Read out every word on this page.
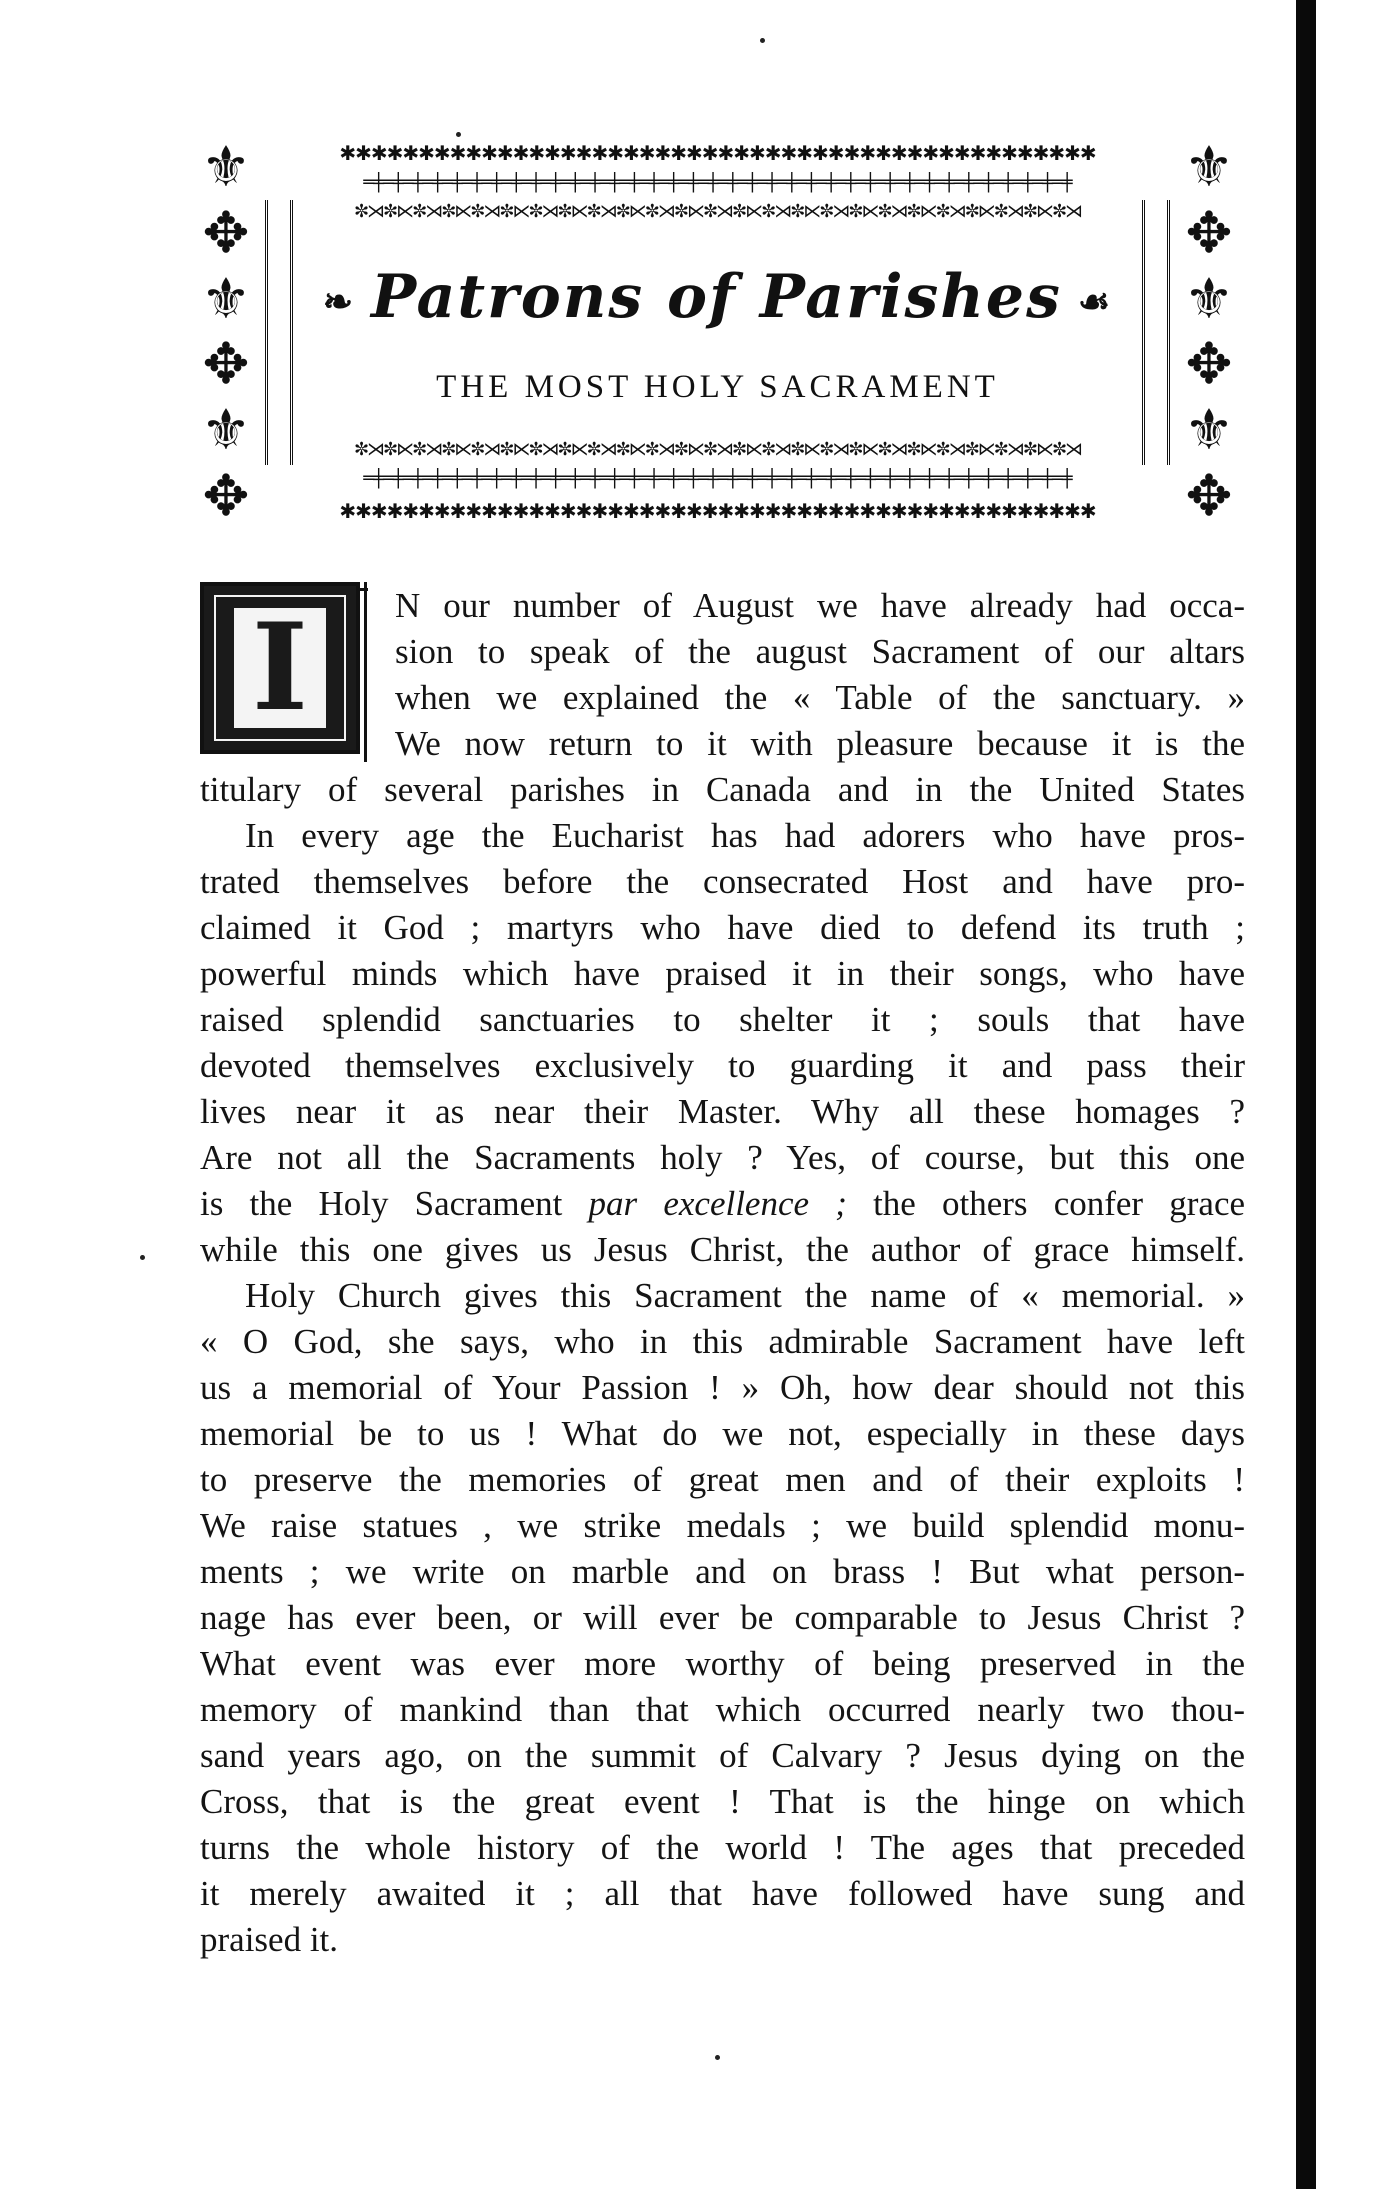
⚜
✥
⚜
✥
⚜
✥
⚜
✥
⚜
✥
⚜
✥
✱✱✱✱✱✱✱✱✱✱✱✱✱✱✱✱✱✱✱✱✱✱✱✱✱✱✱✱✱✱✱✱✱✱✱✱✱✱✱✱✱✱✱✱✱✱✱✱
═╪═╪═╪═╪═╪═╪═╪═╪═╪═╪═╪═╪═╪═╪═╪═╪═╪═╪═╪═╪═╪═╪═╪═╪═╪═╪═╪═╪═╪═╪═╪═╪═╪═╪═╪═╪
✼⋊✼⋉✼⋊✼⋉✼⋊✼⋉✼⋊✼⋉✼⋊✼⋉✼⋊✼⋉✼⋊✼⋉✼⋊✼⋉✼⋊✼⋉✼⋊✼⋉✼⋊✼⋉✼⋊✼⋉✼⋊
❧ Patrons of Parishes ☙
THE MOST HOLY SACRAMENT
✼⋊✼⋉✼⋊✼⋉✼⋊✼⋉✼⋊✼⋉✼⋊✼⋉✼⋊✼⋉✼⋊✼⋉✼⋊✼⋉✼⋊✼⋉✼⋊✼⋉✼⋊✼⋉✼⋊✼⋉✼⋊
═╪═╪═╪═╪═╪═╪═╪═╪═╪═╪═╪═╪═╪═╪═╪═╪═╪═╪═╪═╪═╪═╪═╪═╪═╪═╪═╪═╪═╪═╪═╪═╪═╪═╪═╪═╪
✱✱✱✱✱✱✱✱✱✱✱✱✱✱✱✱✱✱✱✱✱✱✱✱✱✱✱✱✱✱✱✱✱✱✱✱✱✱✱✱✱✱✱✱✱✱✱✱
I	N our number of August we have already had occa-
sion to speak of the august Sacrament of our altars
when we explained the « Table of the sanctuary. »
We now return to it with pleasure because it is the
titulary of several parishes in Canada and in the United States
In every age the Eucharist has had adorers who have pros-
trated themselves before the consecrated Host and have pro-
claimed it God ; martyrs who have died to defend its truth ;
powerful minds which have praised it in their songs, who have
raised splendid sanctuaries to shelter it ; souls that have
devoted themselves exclusively to guarding it and pass their
lives near it as near their Master. Why all these homages ?
Are not all the Sacraments holy ? Yes, of course, but this one
is the Holy Sacrament par excellence ; the others confer grace
while this one gives us Jesus Christ, the author of grace himself.
Holy Church gives this Sacrament the name of « memorial. »
« O God, she says, who in this admirable Sacrament have left
us a memorial of Your Passion ! » Oh, how dear should not this
memorial be to us ! What do we not, especially in these days
to preserve the memories of great men and of their exploits !
We raise statues , we strike medals ; we build splendid monu-
ments ; we write on marble and on brass ! But what person-
nage has ever been, or will ever be comparable to Jesus Christ ?
What event was ever more worthy of being preserved in the
memory of mankind than that which occurred nearly two thou-
sand years ago, on the summit of Calvary ? Jesus dying on the
Cross, that is the great event ! That is the hinge on which
turns the whole history of the world ! The ages that preceded
it merely awaited it ; all that have followed have sung and
praised it.
